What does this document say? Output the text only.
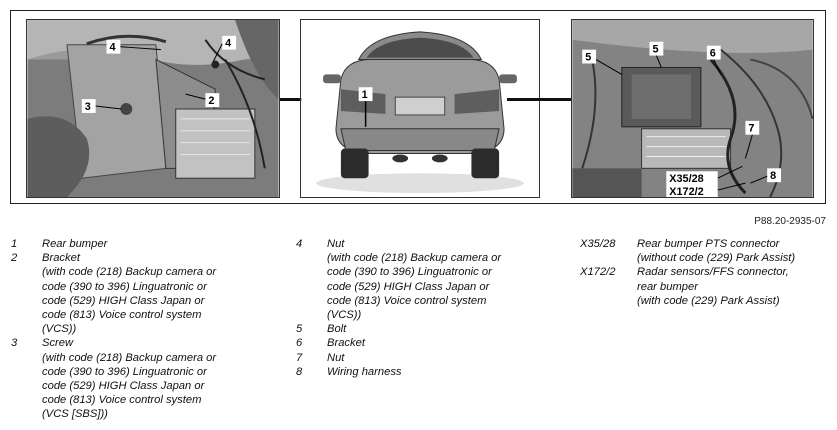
4	4
3	2	1
5
5	6
7
8
X35/28
X172/2
P88.20-2935-07
1	Rear bumper
2	Bracket
(with code (218) Backup camera or
code (390 to 396) Linguatronic or
code (529) HIGH Class Japan or
code (813) Voice control system
(VCS))
3	Screw
(with code (218) Backup camera or
code (390 to 396) Linguatronic or
code (529) HIGH Class Japan or
code (813) Voice control system
(VCS [SBS]))
4	Nut
(with code (218) Backup camera or
code (390 to 396) Linguatronic or
code (529) HIGH Class Japan or
code (813) Voice control system
(VCS))
5	Bolt
6	Bracket
7	Nut
8	Wiring harness
X35/28	Rear bumper PTS connector
(without code (229) Park Assist)
X172/2	Radar sensors/FFS connector,
rear bumper
(with code (229) Park Assist)
